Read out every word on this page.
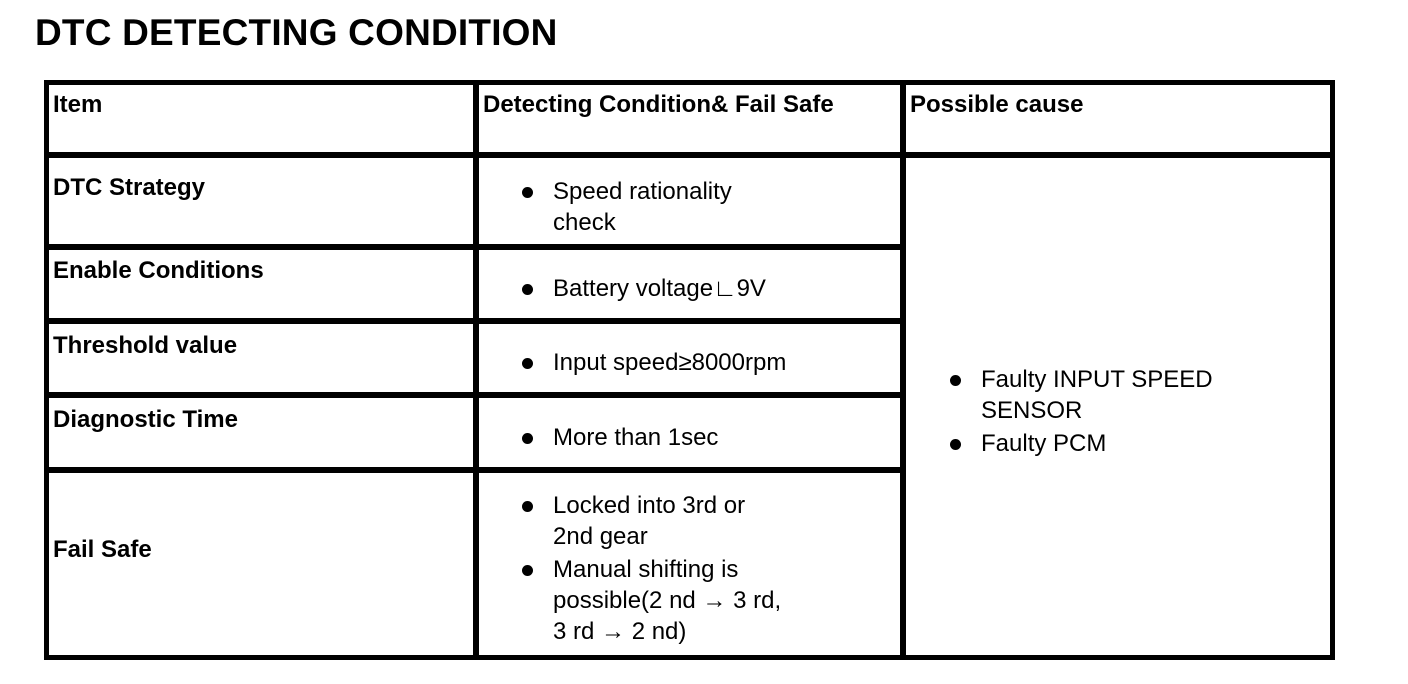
DTC DETECTING CONDITION
Item	Detecting Condition& Fail Safe	Possible cause
DTC Strategy
Enable Conditions
Threshold value
Diagnostic Time
Fail Safe
Speed rationality
check
Battery voltage∟9V
Input speed≥8000rpm
More than 1sec
Locked into 3rd or
2nd gear
Manual shifting is
possible(2 nd → 3 rd,
3 rd → 2 nd)
Faulty INPUT SPEED
SENSOR
Faulty PCM
